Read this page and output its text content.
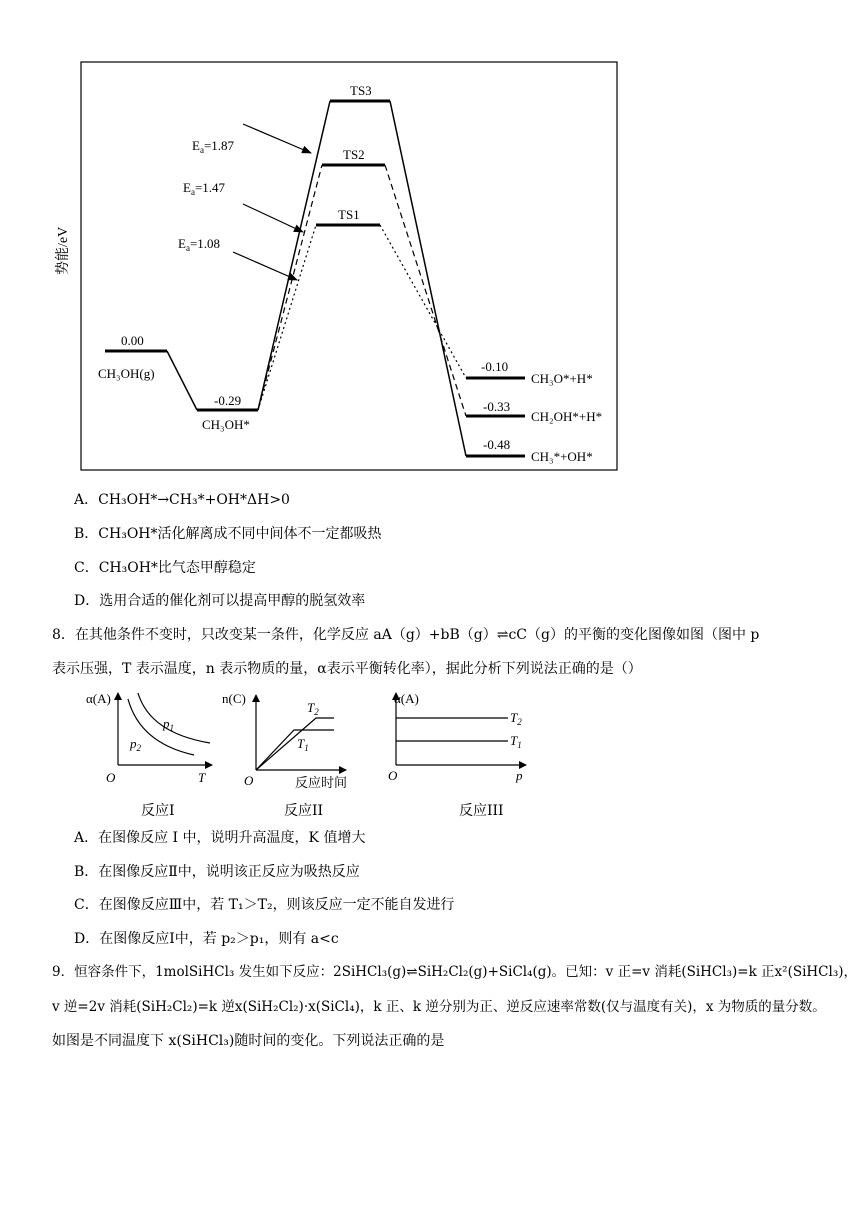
势能/eV
0.00
CH₃OH(g)
-0.29
CH₃OH*
-0.10
CH₃O*+H*
-0.33
CH₂OH*+H*
-0.48
CH₃*+OH*
TS3
TS2
TS1
$E_a=1.87$
$E_a=1.47$
$E_a=1.08$
A．CH₃OH*→CH₃*+OH*ΔH>0
B．CH₃OH*活化解离成不同中间体不一定都吸热
C．CH₃OH*比气态甲醇稳定
D．选用合适的催化剂可以提高甲醇的脱氢效率
8．在其他条件不变时，只改变某一条件，化学反应 aA（g）+bB（g）⇌cC（g）的平衡的变化图像如图（图中 p
表示压强，T 表示温度，n 表示物质的量，α表示平衡转化率），据此分析下列说法正确的是（）
α(A)
$p_1$
$p_2$
O	T
n(C)
$T_2$
$T_1$
O	反应时间
α(A)
$T_2$
$T_1$
O	p
反应I	反应II	反应III
A．在图像反应 I 中，说明升高温度，K 值增大
B．在图像反应Ⅱ中，说明该正反应为吸热反应
C．在图像反应Ⅲ中，若 T₁＞T₂，则该反应一定不能自发进行
D．在图像反应Ⅰ中，若 p₂＞p₁，则有 a<c
9．恒容条件下，1molSiHCl₃ 发生如下反应：2SiHCl₃(g)⇌SiH₂Cl₂(g)+SiCl₄(g)。已知：v 正=v 消耗(SiHCl₃)=k 正x²(SiHCl₃)，
v 逆=2v 消耗(SiH₂Cl₂)=k 逆x(SiH₂Cl₂)·x(SiCl₄)，k 正、k 逆分别为正、逆反应速率常数(仅与温度有关)，x 为物质的量分数。
如图是不同温度下 x(SiHCl₃)随时间的变化。下列说法正确的是
